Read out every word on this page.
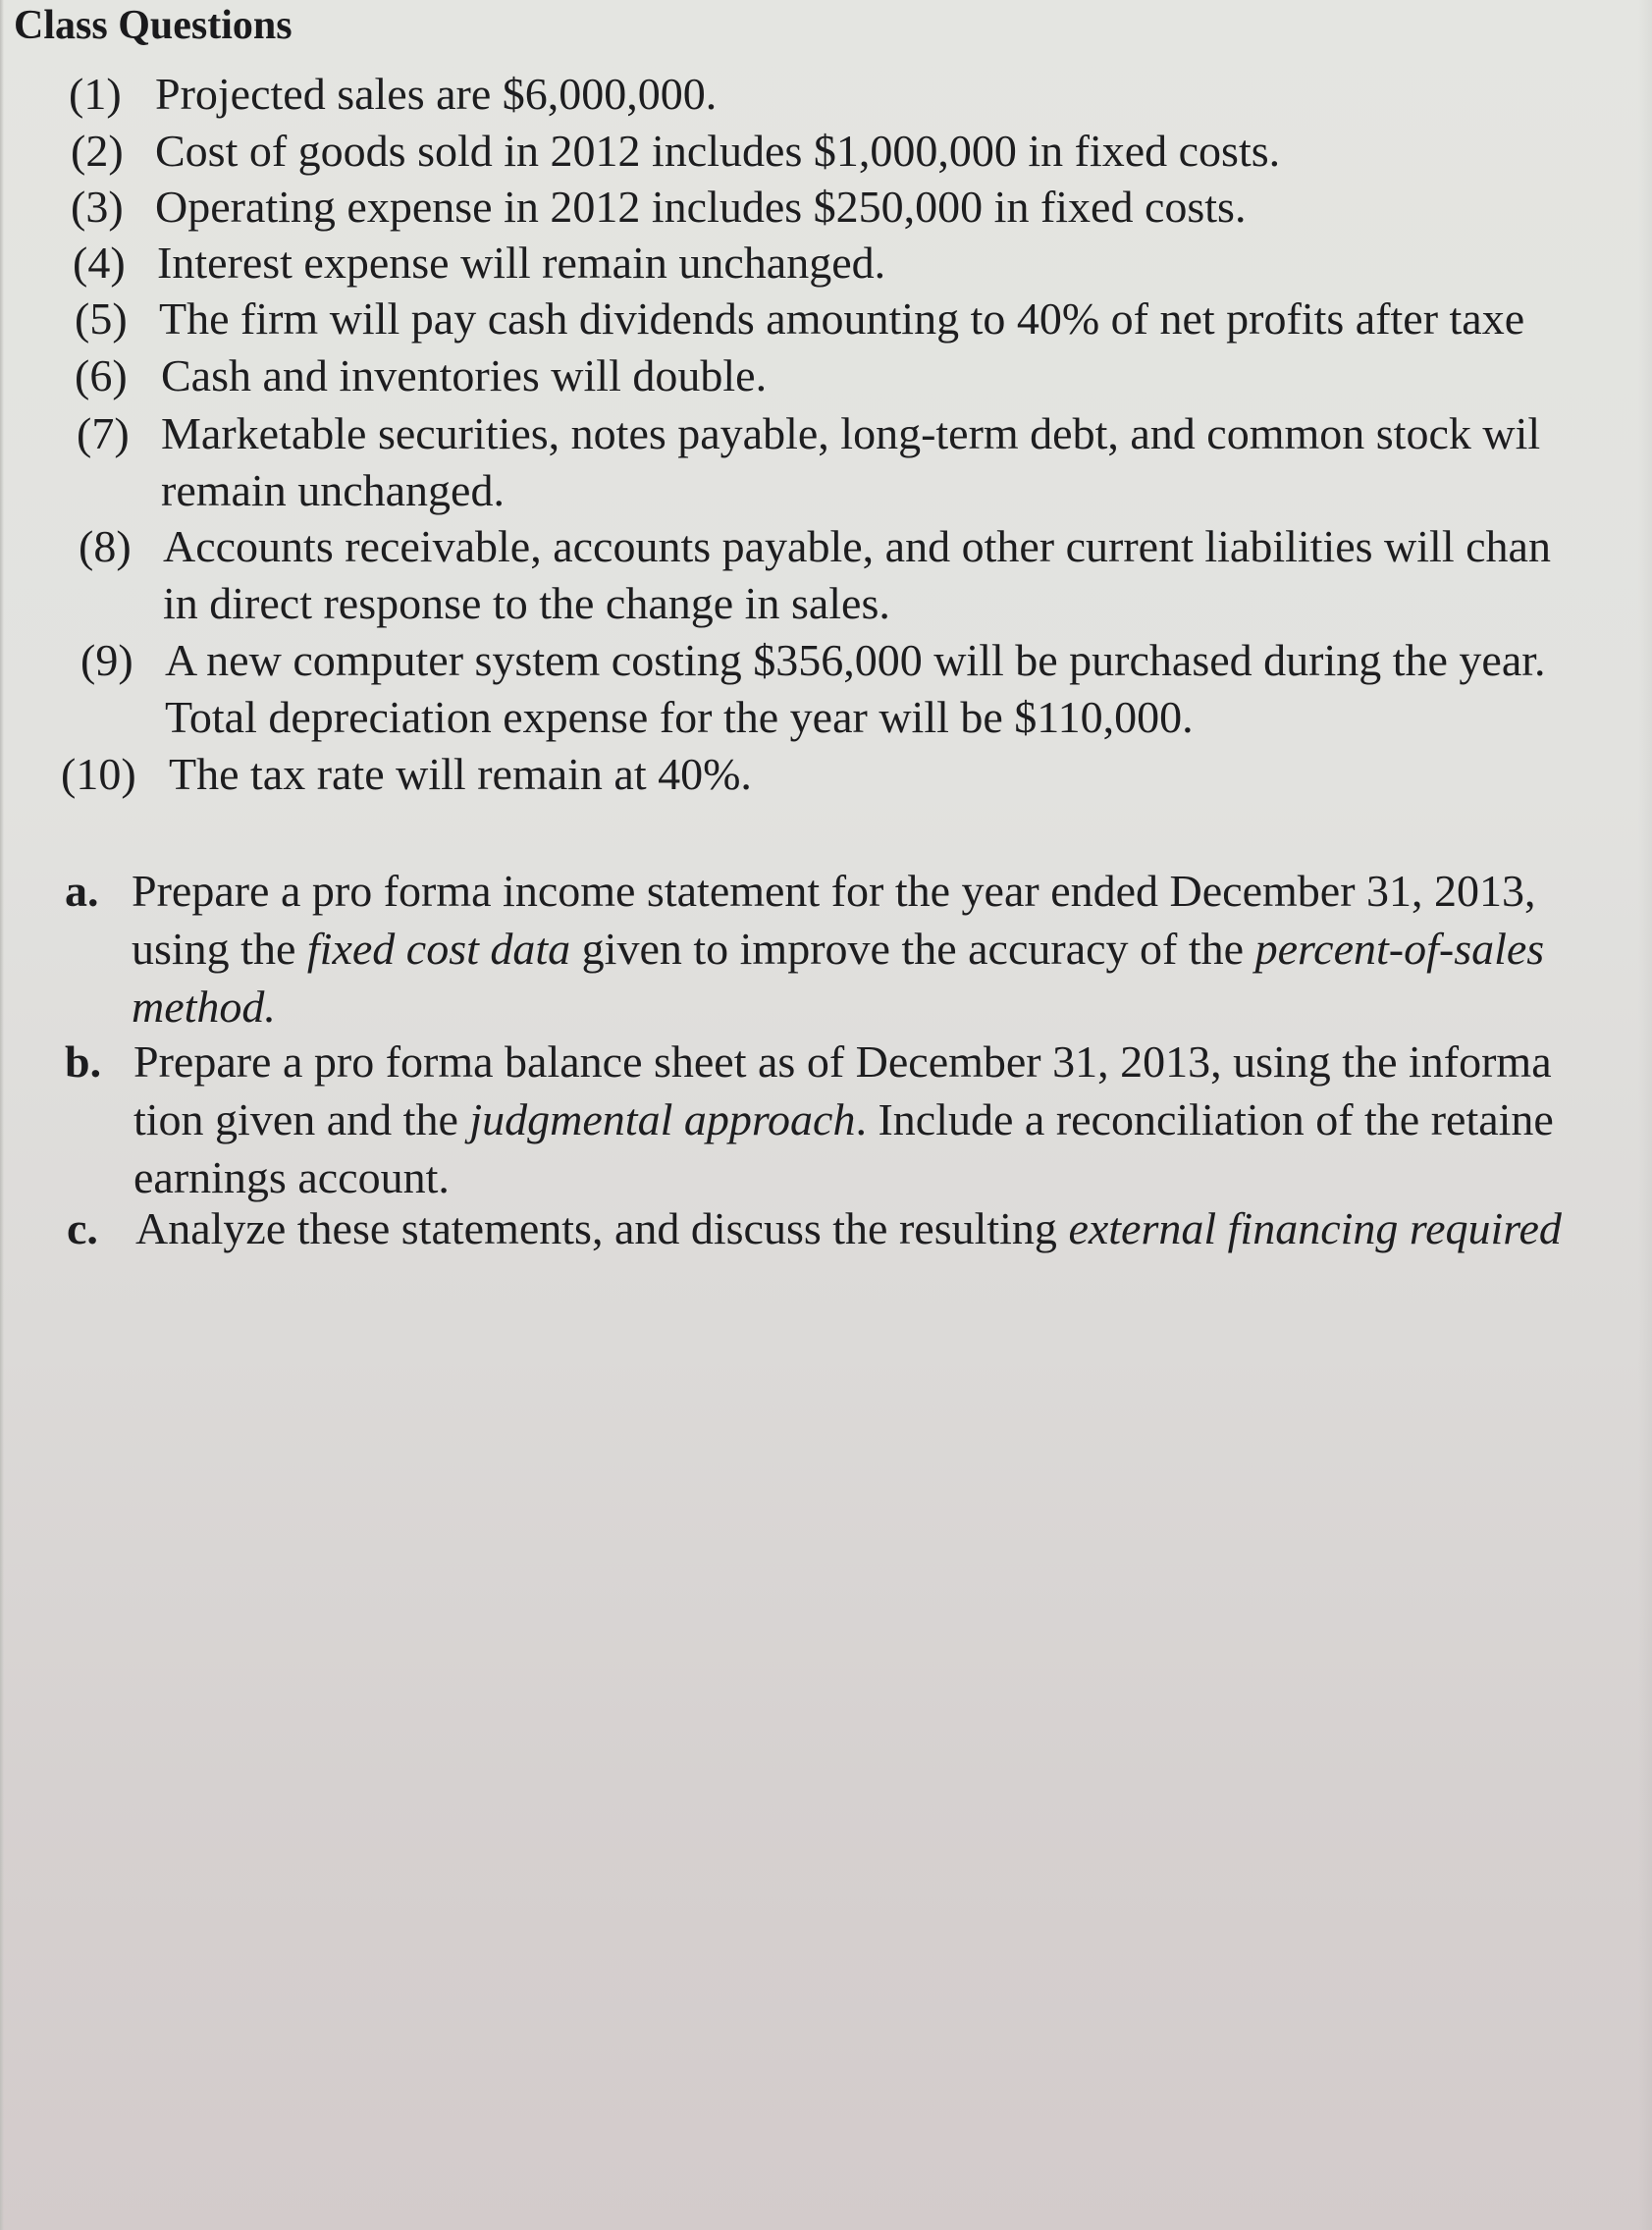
Class Questions
(1) Projected sales are $6,000,000.
(2) Cost of goods sold in 2012 includes $1,000,000 in fixed costs.
(3) Operating expense in 2012 includes $250,000 in fixed costs.
(4) Interest expense will remain unchanged.
(5) The firm will pay cash dividends amounting to 40% of net profits after taxe
(6) Cash and inventories will double.
(7) Marketable securities, notes payable, long-term debt, and common stock wil
remain unchanged.
(8) Accounts receivable, accounts payable, and other current liabilities will chan
in direct response to the change in sales.
(9) A new computer system costing $356,000 will be purchased during the year.
Total depreciation expense for the year will be $110,000.
(10) The tax rate will remain at 40%.
a. Prepare a pro forma income statement for the year ended December 31, 2013,
using the fixed cost data given to improve the accuracy of the percent-of-sales
method.
b. Prepare a pro forma balance sheet as of December 31, 2013, using the informa
tion given and the judgmental approach. Include a reconciliation of the retaine
earnings account.
c. Analyze these statements, and discuss the resulting external financing required
